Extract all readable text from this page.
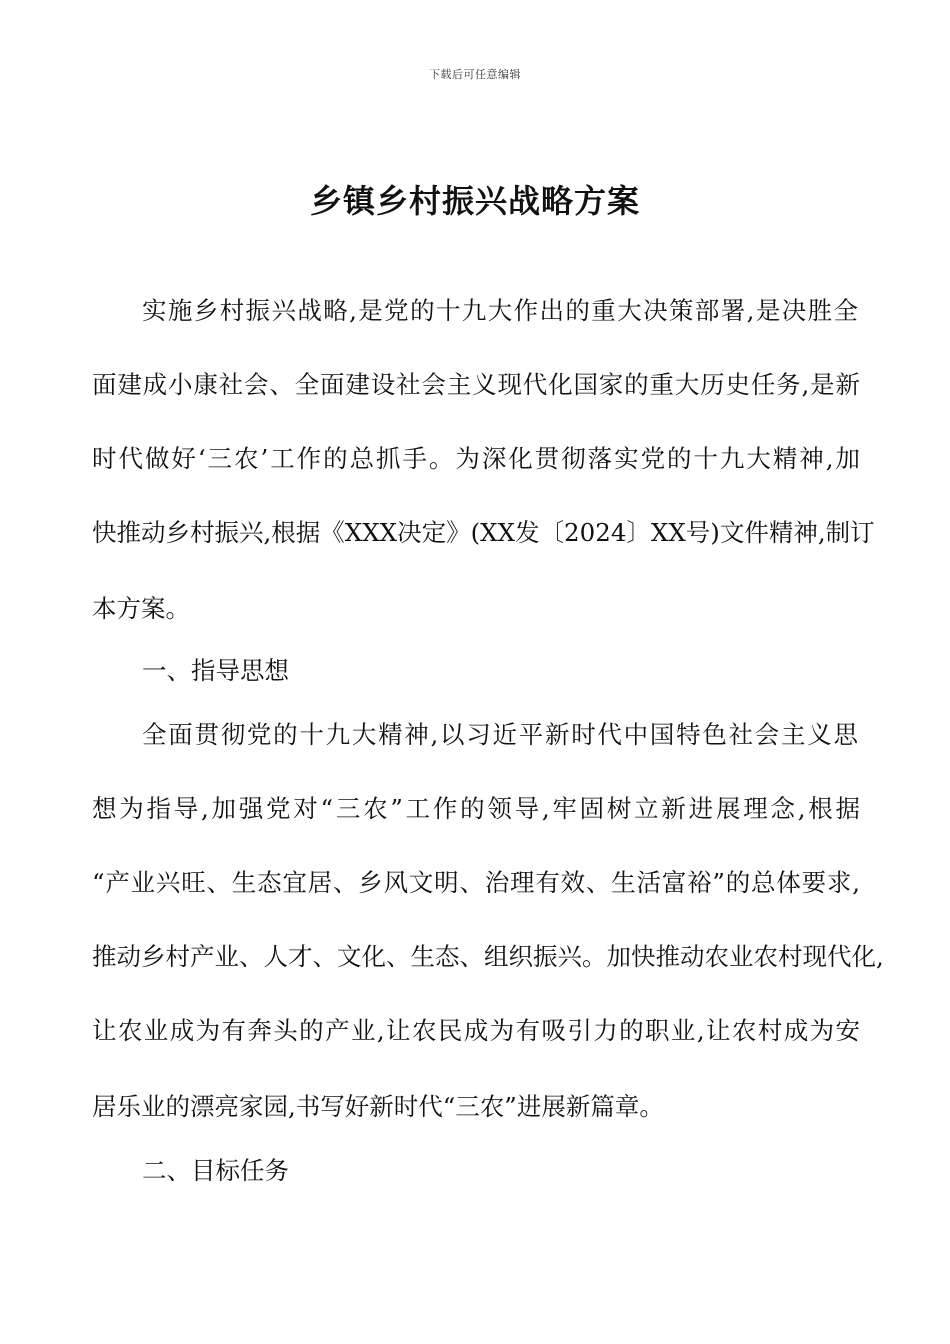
下载后可任意编辑
乡镇乡村振兴战略方案
实施乡村振兴战略,是党的十九大作出的重大决策部署,是决胜全
面建成小康社会、全面建设社会主义现代化国家的重大历史任务,是新
时代做好‘三农’工作的总抓手。为深化贯彻落实党的十九大精神,加
快推动乡村振兴,根据《XXX决定》(XX发〔2024〕XX号)文件精神,制订
本方案。
一、指导思想
全面贯彻党的十九大精神,以习近平新时代中国特色社会主义思
想为指导,加强党对“三农”工作的领导,牢固树立新进展理念,根据
“产业兴旺、生态宜居、乡风文明、治理有效、生活富裕”的总体要求,
推动乡村产业、人才、文化、生态、组织振兴。加快推动农业农村现代化,
让农业成为有奔头的产业,让农民成为有吸引力的职业,让农村成为安
居乐业的漂亮家园,书写好新时代“三农”进展新篇章。
二、目标任务
